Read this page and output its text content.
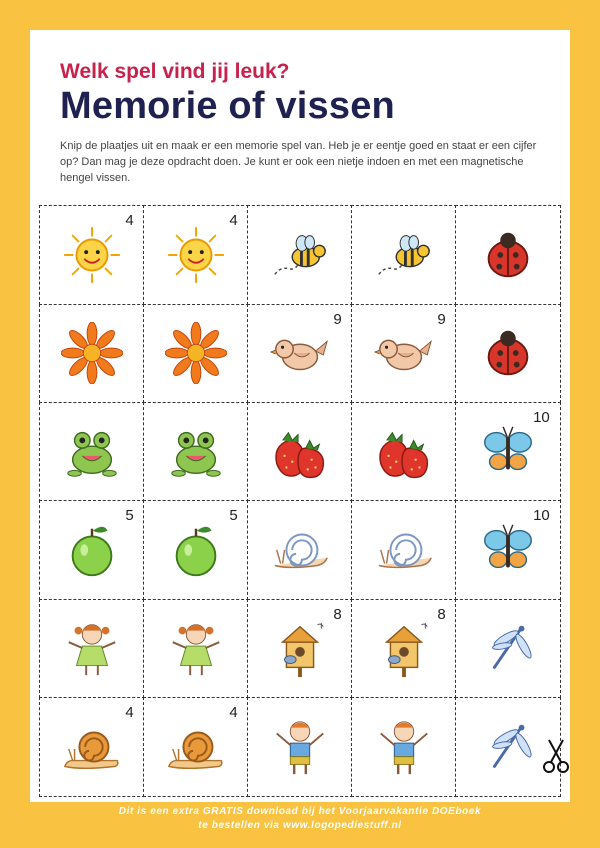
Welk spel vind jij leuk?
Memorie of vissen

Knip de plaatjes uit en maak er een memorie spel van. Heb je er eentje goed en staat er een cijfer op? Dan mag je deze opdracht doen. Je kunt er ook een nietje indoen en met een magnetische hengel vissen.

4	4
9	9
10
5	5	10
8	8
4	4
Dit is een extra GRATIS download bij het Voorjaarvakantie DOEboek
te bestellen via www.logopediestuff.nl
